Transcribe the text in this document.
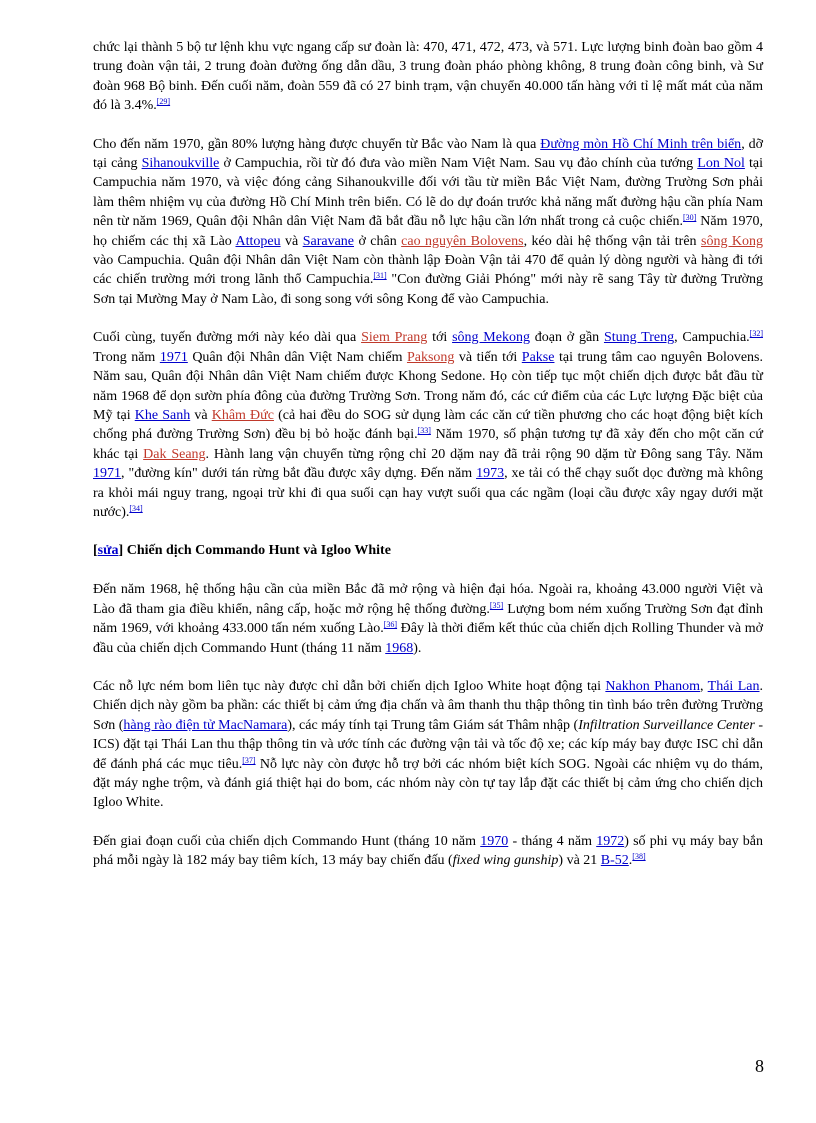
chức lại thành 5 bộ tư lệnh khu vực ngang cấp sư đoàn là: 470, 471, 472, 473, và 571. Lực lượng binh đoàn bao gồm 4 trung đoàn vận tải, 2 trung đoàn đường ống dẫn dầu, 3 trung đoàn pháo phòng không, 8 trung đoàn công binh, và Sư đoàn 968 Bộ binh. Đến cuối năm, đoàn 559 đã có 27 binh trạm, vận chuyển 40.000 tấn hàng với tỉ lệ mất mát của năm đó là 3.4%.[29]

Cho đến năm 1970, gần 80% lượng hàng được chuyển từ Bắc vào Nam là qua Đường mòn Hồ Chí Minh trên biển, dỡ tại cảng Sihanoukville ở Campuchia, rồi từ đó đưa vào miền Nam Việt Nam. Sau vụ đảo chính của tướng Lon Nol tại Campuchia năm 1970, và việc đóng cảng Sihanoukville đối với tầu từ miền Bắc Việt Nam, đường Trường Sơn phải làm thêm nhiệm vụ của đường Hồ Chí Minh trên biển. Có lẽ do dự đoán trước khả năng mất đường hậu cần phía Nam nên từ năm 1969, Quân đội Nhân dân Việt Nam đã bắt đầu nỗ lực hậu cần lớn nhất trong cả cuộc chiến.[30] Năm 1970, họ chiếm các thị xã Lào Attopeu và Saravane ở chân cao nguyên Bolovens, kéo dài hệ thống vận tải trên sông Kong vào Campuchia. Quân đội Nhân dân Việt Nam còn thành lập Đoàn Vận tải 470 để quản lý dòng người và hàng đi tới các chiến trường mới trong lãnh thổ Campuchia.[31] "Con đường Giải Phóng" mới này rẽ sang Tây từ đường Trường Sơn tại Mường May ở Nam Lào, đi song song với sông Kong để vào Campuchia.

Cuối cùng, tuyến đường mới này kéo dài qua Siem Prang tới sông Mekong đoạn ở gần Stung Treng, Campuchia.[32] Trong năm 1971 Quân đội Nhân dân Việt Nam chiếm Paksong và tiến tới Pakse tại trung tâm cao nguyên Bolovens. Năm sau, Quân đội Nhân dân Việt Nam chiếm được Khong Sedone. Họ còn tiếp tục một chiến dịch được bắt đầu từ năm 1968 để dọn sườn phía đông của đường Trường Sơn. Trong năm đó, các cứ điểm của các Lực lượng Đặc biệt của Mỹ tại Khe Sanh và Khâm Đức (cả hai đều do SOG sử dụng làm các căn cứ tiền phương cho các hoạt động biệt kích chống phá đường Trường Sơn) đều bị bỏ hoặc đánh bại.[33] Năm 1970, số phận tương tự đã xảy đến cho một căn cứ khác tại Dak Seang. Hành lang vận chuyển từng rộng chỉ 20 dặm nay đã trải rộng 90 dặm từ Đông sang Tây. Năm 1971, "đường kín" dưới tán rừng bắt đầu được xây dựng. Đến năm 1973, xe tải có thể chạy suốt dọc đường mà không ra khỏi mái nguy trang, ngoại trừ khi đi qua suối cạn hay vượt suối qua các ngầm (loại cầu được xây ngay dưới mặt nước).[34]

[sửa] Chiến dịch Commando Hunt và Igloo White

Đến năm 1968, hệ thống hậu cần của miền Bắc đã mở rộng và hiện đại hóa. Ngoài ra, khoảng 43.000 người Việt và Lào đã tham gia điều khiển, nâng cấp, hoặc mở rộng hệ thống đường.[35] Lượng bom ném xuống Trường Sơn đạt đỉnh năm 1969, với khoảng 433.000 tấn ném xuống Lào.[36] Đây là thời điểm kết thúc của chiến dịch Rolling Thunder và mở đầu của chiến dịch Commando Hunt (tháng 11 năm 1968).

Các nỗ lực ném bom liên tục này được chỉ dẫn bởi chiến dịch Igloo White hoạt động tại Nakhon Phanom, Thái Lan. Chiến dịch này gồm ba phần: các thiết bị cảm ứng địa chấn và âm thanh thu thập thông tin tình báo trên đường Trường Sơn (hàng rào điện tử MacNamara), các máy tính tại Trung tâm Giám sát Thâm nhập (Infiltration Surveillance Center - ICS) đặt tại Thái Lan thu thập thông tin và ước tính các đường vận tải và tốc độ xe; các kíp máy bay được ISC chỉ dẫn để đánh phá các mục tiêu.[37] Nỗ lực này còn được hỗ trợ bởi các nhóm biệt kích SOG. Ngoài các nhiệm vụ do thám, đặt máy nghe trộm, và đánh giá thiệt hại do bom, các nhóm này còn tự tay lắp đặt các thiết bị cảm ứng cho chiến dịch Igloo White.

Đến giai đoạn cuối của chiến dịch Commando Hunt (tháng 10 năm 1970 - tháng 4 năm 1972) số phi vụ máy bay bắn phá mỗi ngày là 182 máy bay tiêm kích, 13 máy bay chiến đấu (fixed wing gunship) và 21 B-52.[38]

8
